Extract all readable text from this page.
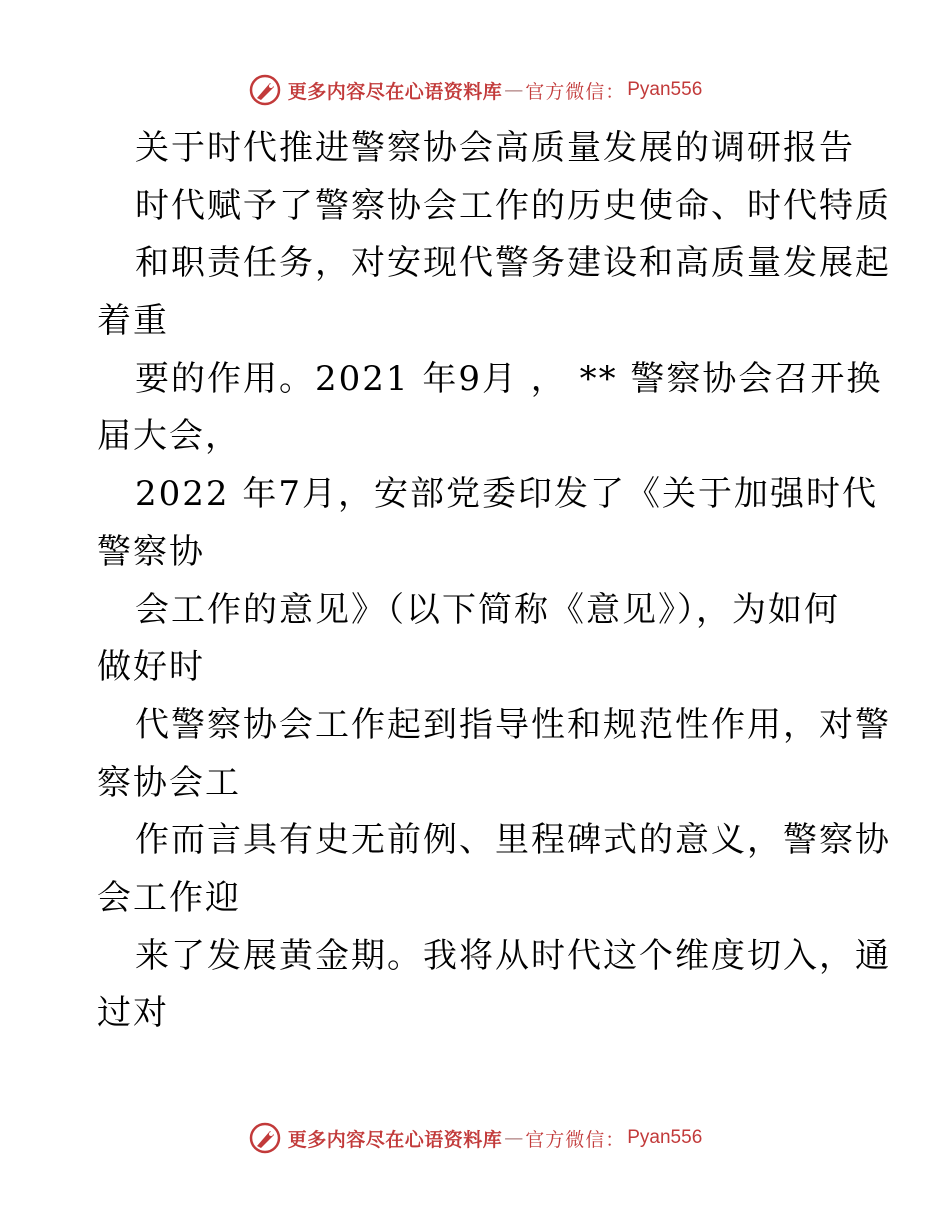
更多内容尽在心语资料库 — 官方微信： Pyan556
关于时代推进警察协会高质量发展的调研报告
时代赋予了警察协会工作的历史使命、时代特质
和职责任务，对安现代警务建设和高质量发展起
着重
要的作用。2021 年9月 ， ** 警察协会召开换
届大会，
2022 年7月，安部党委印发了《关于加强时代
警察协
会工作的意见》（以下简称《意见》），为如何
做好时
代警察协会工作起到指导性和规范性作用，对警
察协会工
作而言具有史无前例、里程碑式的意义，警察协
会工作迎
来了发展黄金期。我将从时代这个维度切入，通
过对
更多内容尽在心语资料库 — 官方微信： Pyan556
